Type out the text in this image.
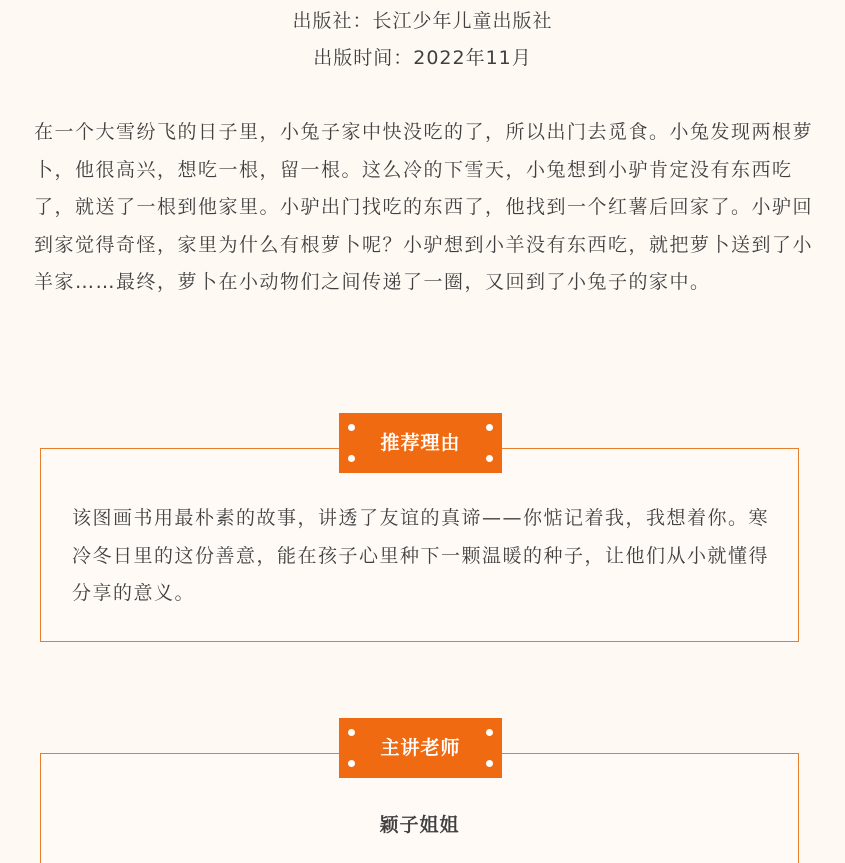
出版社：长江少年儿童出版社
出版时间：2022年11月

在一个大雪纷飞的日子里，小兔子家中快没吃的了，所以出门去觅食。小兔发现两根萝卜，他很高兴，想吃一根，留一根。这么冷的下雪天，小兔想到小驴肯定没有东西吃了，就送了一根到他家里。小驴出门找吃的东西了，他找到一个红薯后回家了。小驴回到家觉得奇怪，家里为什么有根萝卜呢？小驴想到小羊没有东西吃，就把萝卜送到了小羊家……最终，萝卜在小动物们之间传递了一圈，又回到了小兔子的家中。

该图画书用最朴素的故事，讲透了友谊的真谛——你惦记着我，我想着你。寒冷冬日里的这份善意，能在孩子心里种下一颗温暖的种子，让他们从小就懂得分享的意义。

推荐理由
颖子姐姐
主讲老师
